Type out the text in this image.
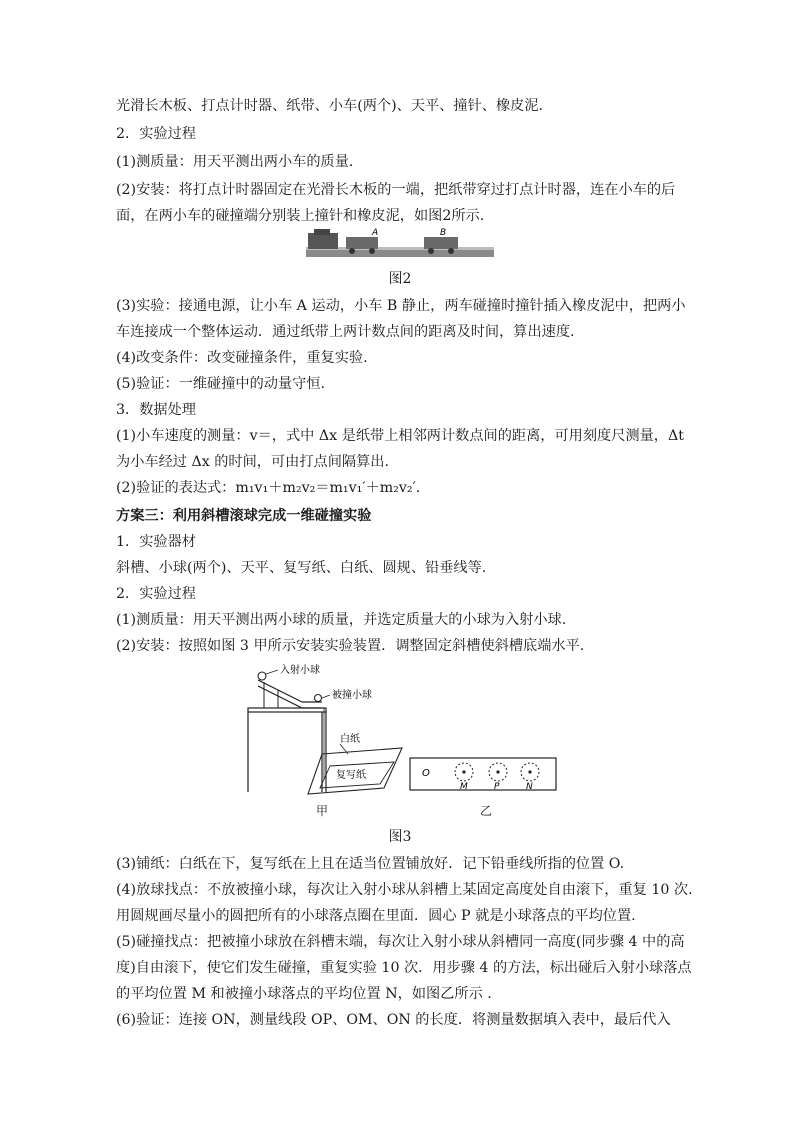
光滑长木板、打点计时器、纸带、小车(两个)、天平、撞针、橡皮泥.
2．实验过程
(1)测质量：用天平测出两小车的质量.
(2)安装：将打点计时器固定在光滑长木板的一端，把纸带穿过打点计时器，连在小车的后
面，在两小车的碰撞端分别装上撞针和橡皮泥，如图2所示.
A	B
图2
(3)实验：接通电源，让小车 A 运动，小车 B 静止，两车碰撞时撞针插入橡皮泥中，把两小
车连接成一个整体运动．通过纸带上两计数点间的距离及时间，算出速度.
(4)改变条件：改变碰撞条件，重复实验.
(5)验证：一维碰撞中的动量守恒.
3．数据处理
(1)小车速度的测量：v＝，式中 Δx 是纸带上相邻两计数点间的距离，可用刻度尺测量，Δt
为小车经过 Δx 的时间，可由打点间隔算出.
(2)验证的表达式：m₁v₁＋m₂v₂＝m₁v₁′＋m₂v₂′.
方案三：利用斜槽滚球完成一维碰撞实验
1．实验器材
斜槽、小球(两个)、天平、复写纸、白纸、圆规、铅垂线等.
2．实验过程
(1)测质量：用天平测出两小球的质量，并选定质量大的小球为入射小球.
(2)安装：按照如图 3 甲所示安装实验装置．调整固定斜槽使斜槽底端水平.
入射小球
被撞小球
白纸
复写纸	O
M	P	N
甲	乙
图3
(3)铺纸：白纸在下，复写纸在上且在适当位置铺放好．记下铅垂线所指的位置 O.
(4)放球找点：不放被撞小球，每次让入射小球从斜槽上某固定高度处自由滚下，重复 10 次.
用圆规画尽量小的圆把所有的小球落点圈在里面．圆心 P 就是小球落点的平均位置.
(5)碰撞找点：把被撞小球放在斜槽末端，每次让入射小球从斜槽同一高度(同步骤 4 中的高
度)自由滚下，使它们发生碰撞，重复实验 10 次．用步骤 4 的方法，标出碰后入射小球落点
的平均位置 M 和被撞小球落点的平均位置 N，如图乙所示 .
(6)验证：连接 ON，测量线段 OP、OM、ON 的长度．将测量数据填入表中，最后代入
